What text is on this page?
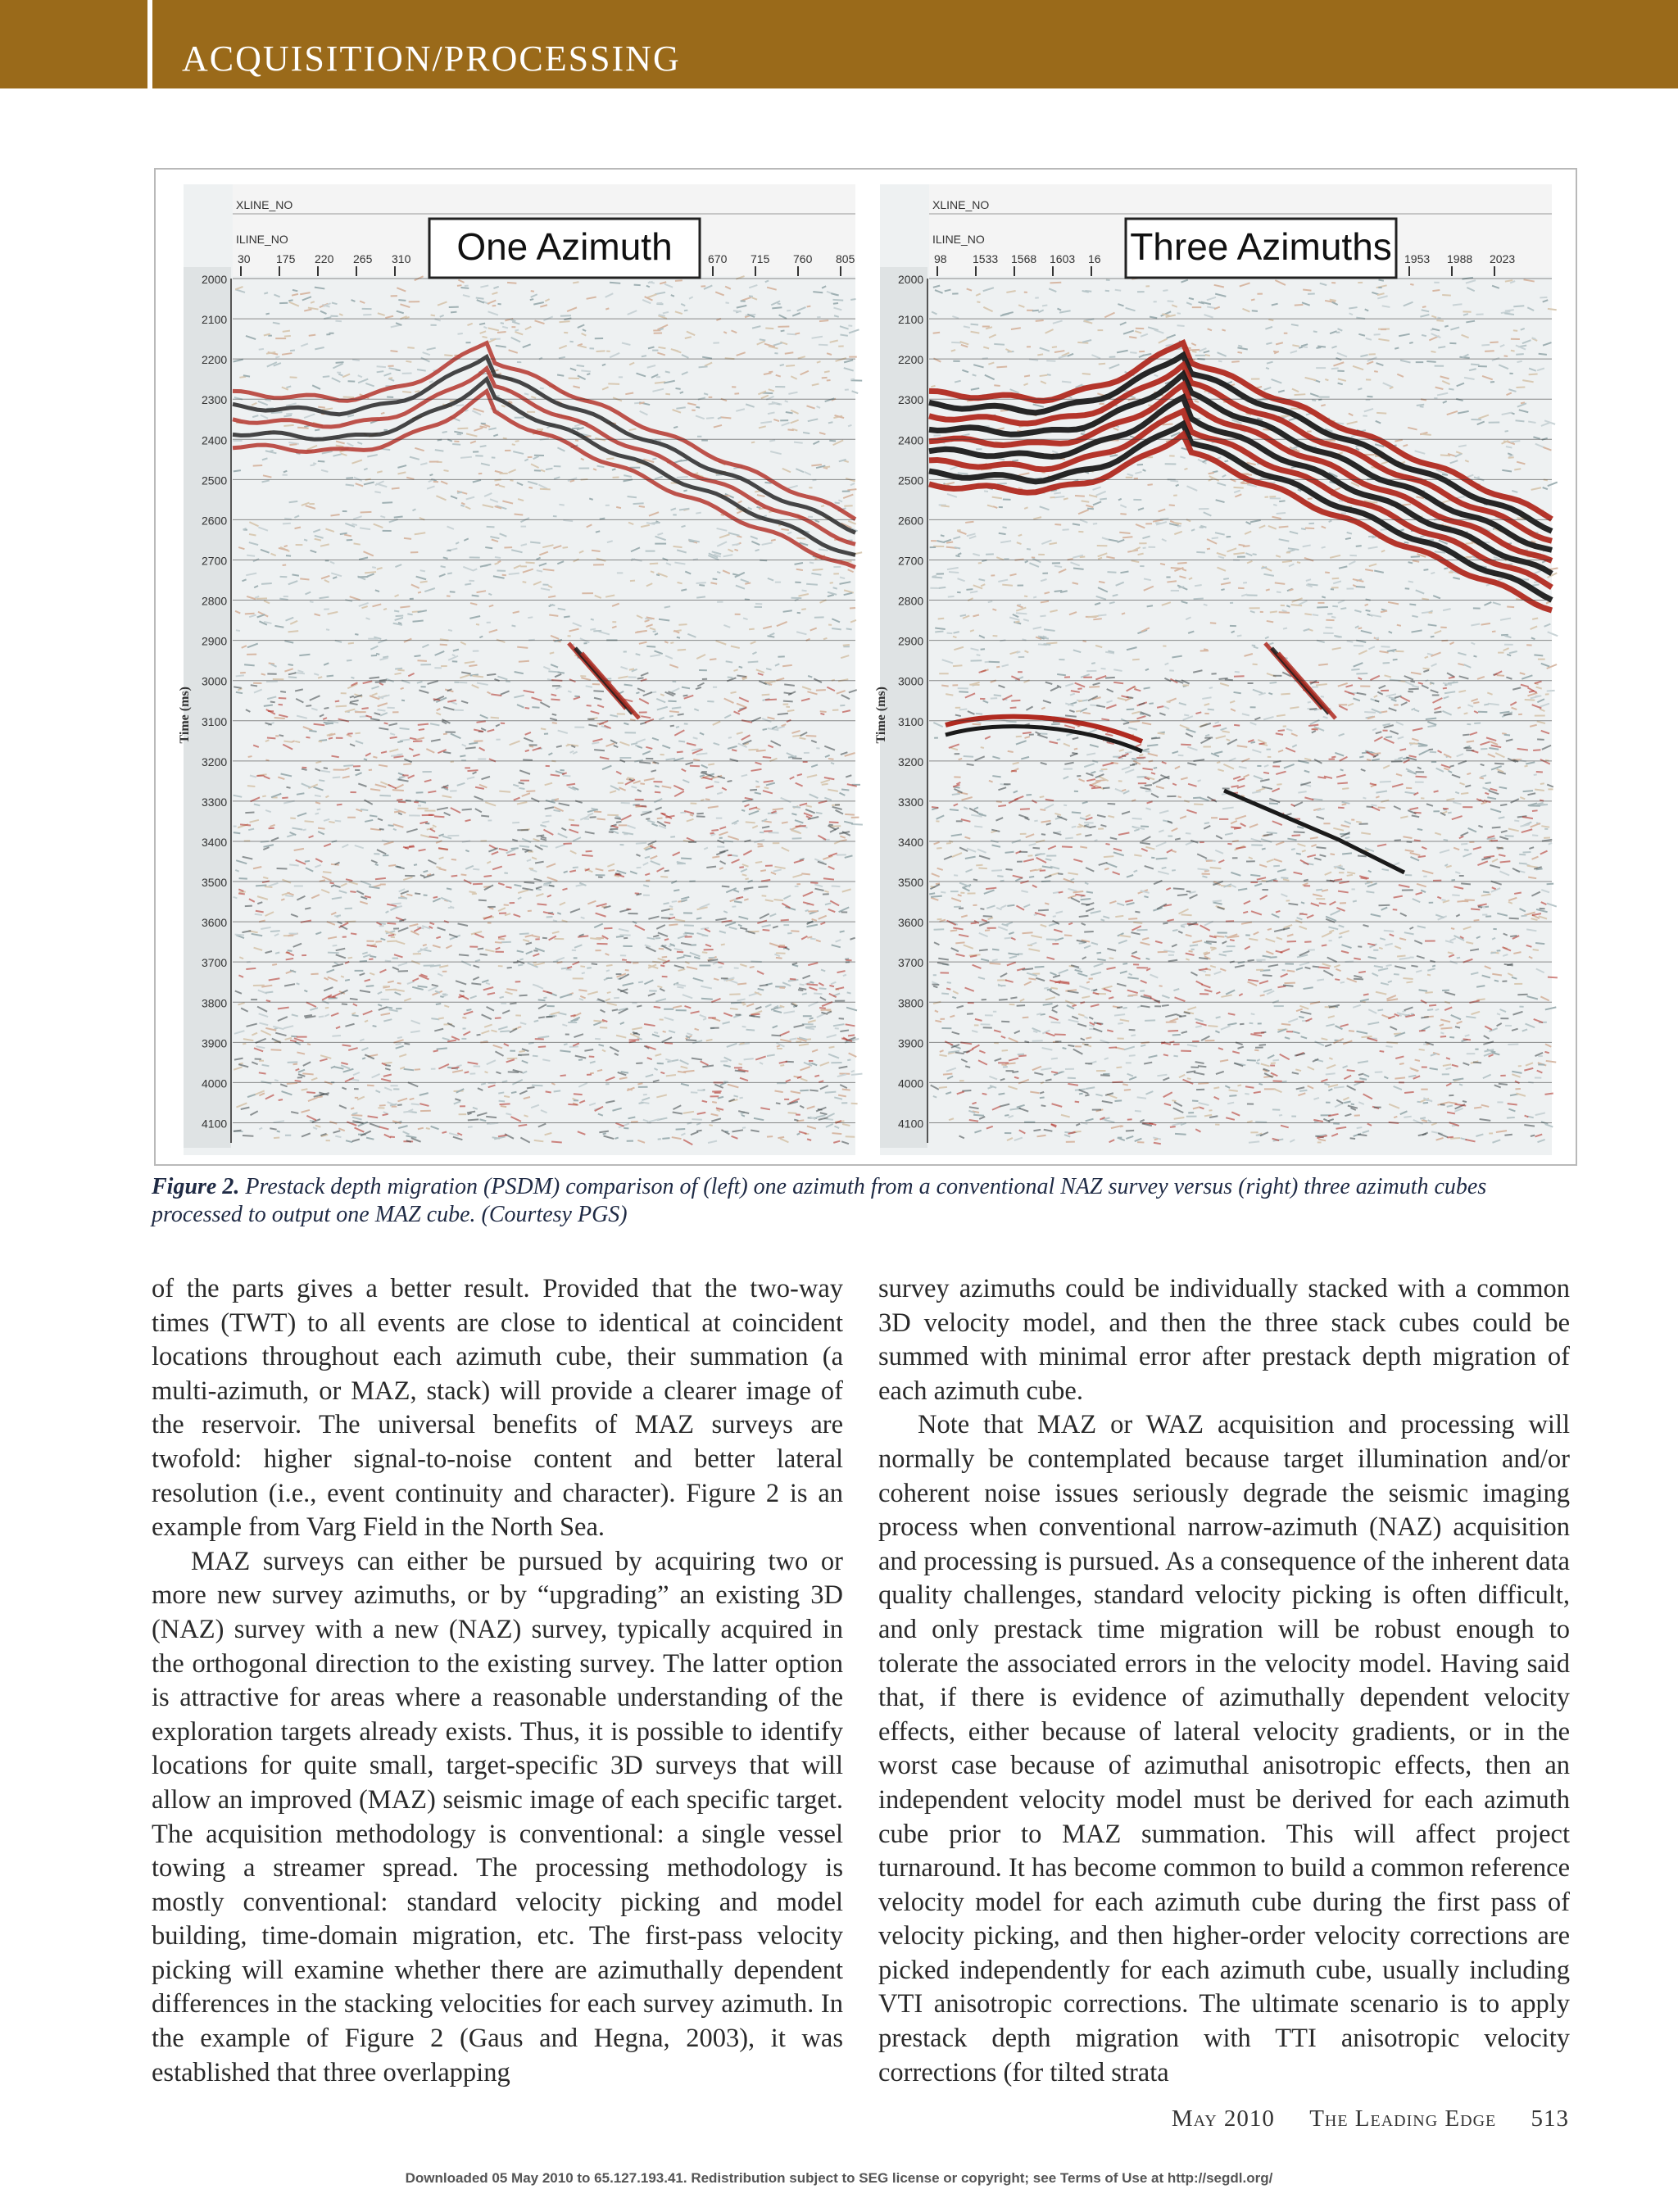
ACQUISITION/PROCESSING
2000
2100
2200
2300
2400
2500
2600
2700
2800
2900
3000
3100
3200
3300
3400
3500
3600
3700
3800
3900
4000
4100
Time (ms)
XLINE_NO
ILINE_NO
30 175 220 265 310	670 715 760 805
One Azimuth
2000
2100
2200
2300
2400
2500
2600
2700
2800
2900
3000
3100
3200
3300
3400
3500
3600
3700
3800
3900
4000
4100
Time (ms)
XLINE_NO
ILINE_NO
98 1533 1568 1603 16	1953 1988 2023
Three Azimuths
Figure 2. Prestack depth migration (PSDM) comparison of (left) one azimuth from a conventional NAZ survey versus (right) three azimuth cubes processed to output one MAZ cube. (Courtesy PGS)

of the parts gives a better result. Provided that the two-way times (TWT) to all events are close to identical at coincident locations throughout each azimuth cube, their summation (a multi-azimuth, or MAZ, stack) will provide a clearer image of the reservoir. The universal benefits of MAZ surveys are twofold: higher signal-to-noise content and better lateral resolution (i.e., event continuity and character). Figure 2 is an example from Varg Field in the North Sea.

MAZ surveys can either be pursued by acquiring two or more new survey azimuths, or by “upgrading” an existing 3D (NAZ) survey with a new (NAZ) survey, typically acquired in the orthogonal direction to the existing survey. The latter option is attractive for areas where a reasonable understanding of the exploration targets already exists. Thus, it is possible to identify locations for quite small, target-specific 3D surveys that will allow an improved (MAZ) seismic image of each specific target. The acquisition methodology is conventional: a single vessel towing a streamer spread. The processing methodology is mostly conventional: standard velocity picking and model building, time-domain migration, etc. The first-pass velocity picking will examine whether there are azimuthally dependent differences in the stacking velocities for each survey azimuth. In the example of Figure 2 (Gaus and Hegna, 2003), it was established that three overlapping

survey azimuths could be individually stacked with a common 3D velocity model, and then the three stack cubes could be summed with minimal error after prestack depth migration of each azimuth cube.

Note that MAZ or WAZ acquisition and processing will normally be contemplated because target illumination and/or coherent noise issues seriously degrade the seismic imaging process when conventional narrow-azimuth (NAZ) acquisition and processing is pursued. As a consequence of the inherent data quality challenges, standard velocity picking is often difficult, and only prestack time migration will be robust enough to tolerate the associated errors in the velocity model. Having said that, if there is evidence of azimuthally dependent velocity effects, either because of lateral velocity gradients, or in the worst case because of azimuthal anisotropic effects, then an independent velocity model must be derived for each azimuth cube prior to MAZ summation. This will affect project turnaround. It has become common to build a common reference velocity model for each azimuth cube during the first pass of velocity picking, and then higher-order velocity corrections are picked independently for each azimuth cube, usually including VTI anisotropic corrections. The ultimate scenario is to apply prestack depth migration with TTI anisotropic velocity corrections (for tilted strata

May 2010 The Leading Edge 513
Downloaded 05 May 2010 to 65.127.193.41. Redistribution subject to SEG license or copyright; see Terms of Use at http://segdl.org/
